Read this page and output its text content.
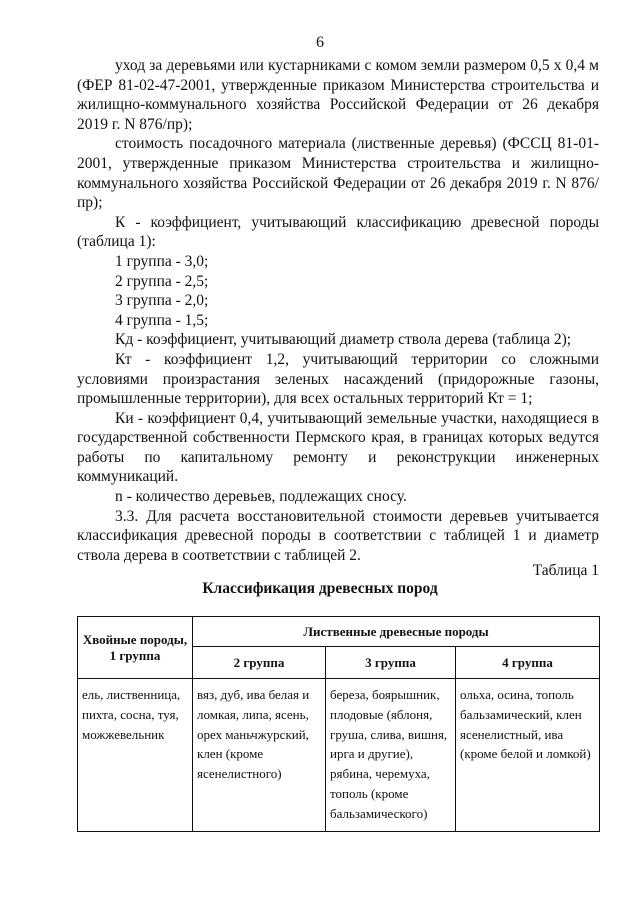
6

уход за деревьями или кустарниками с комом земли размером 0,5 х 0,4 м (ФЕР 81-02-47-2001, утвержденные приказом Министерства строительства и жилищно-коммунального хозяйства Российской Федерации от 26 декабря 2019 г. N 876/пр);

стоимость посадочного материала (лиственные деревья) (ФССЦ 81-01-2001, утвержденные приказом Министерства строительства и жилищно-коммунального хозяйства Российской Федерации от 26 декабря 2019 г. N 876/пр);

К - коэффициент, учитывающий классификацию древесной породы (таблица 1):

1 группа - 3,0;

2 группа - 2,5;

3 группа - 2,0;

4 группа - 1,5;

Кд - коэффициент, учитывающий диаметр ствола дерева (таблица 2);

Кт - коэффициент 1,2, учитывающий территории со сложными условиями произрастания зеленых насаждений (придорожные газоны, промышленные территории), для всех остальных территорий Кт = 1;

Ки - коэффициент 0,4, учитывающий земельные участки, находящиеся в государственной собственности Пермского края, в границах которых ведутся работы по капитальному ремонту и реконструкции инженерных коммуникаций.

n - количество деревьев, подлежащих сносу.

3.3. Для расчета восстановительной стоимости деревьев учитывается классификация древесной породы в соответствии с таблицей 1 и диаметр ствола дерева в соответствии с таблицей 2.

Таблица 1
Классификация древесных пород
Хвойные породы, 1 группа	Лиственные древесные породы		
	2 группа	3 группа	4 группа
ель, лиственница, пихта, сосна, туя, можжевельник	вяз, дуб, ива белая и ломкая, липа, ясень, орех маньчжурский, клен (кроме ясенелистного)	береза, боярышник, плодовые (яблоня, груша, слива, вишня, ирга и другие), рябина, черемуха, тополь (кроме бальзамического)	ольха, осина, тополь бальзамический, клен ясенелистный, ива (кроме белой и ломкой)
